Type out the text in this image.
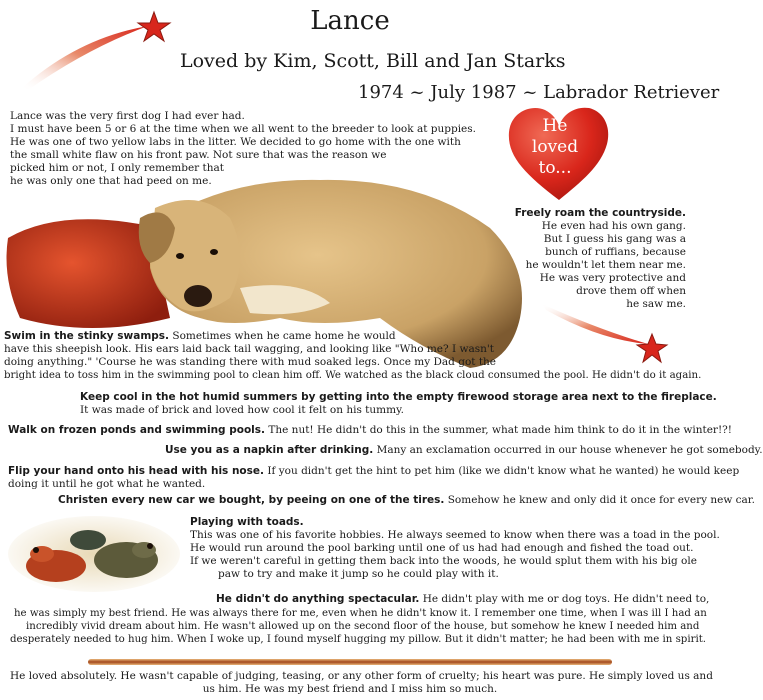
Lance
Loved by Kim, Scott, Bill and Jan Starks
1974 ~ July 1987 ~ Labrador Retriever
He
loved
to...
Lance was the very first dog I had ever had.
I must have been 5 or 6 at the time when we all went to the breeder to look at puppies.
He was one of two yellow labs in the litter. We decided to go home with the one with
the small white flaw on his front paw. Not sure that was the reason we
picked him or not, I only remember that
he was only one that had peed on me.
Freely roam the countryside.
He even had his own gang.
But I guess his gang was a
bunch of ruffians, because
he wouldn't let them near me.
He was very protective and
drove them off when
he saw me.
Swim in the stinky swamps. Sometimes when he came home he would
have this sheepish look. His ears laid back tail wagging, and looking like "Who me? I wasn't
doing anything." 'Course he was standing there with mud soaked legs. Once my Dad got the
bright idea to toss him in the swimming pool to clean him off. We watched as the black cloud consumed the pool. He didn't do it again.
Keep cool in the hot humid summers by getting into the empty firewood storage area next to the fireplace.
It was made of brick and loved how cool it felt on his tummy.
Walk on frozen ponds and swimming pools. The nut! He didn't do this in the summer, what made him think to do it in the winter!?!
Use you as a napkin after drinking. Many an exclamation occurred in our house whenever he got somebody.
Flip your hand onto his head with his nose. If you didn't get the hint to pet him (like we didn't know what he wanted) he would keep
doing it until he got what he wanted.
Christen every new car we bought, by peeing on one of the tires. Somehow he knew and only did it once for every new car.
Playing with toads.
This was one of his favorite hobbies. He always seemed to know when there was a toad in the pool.
He would run around the pool barking until one of us had had enough and fished the toad out.
If we weren't careful in getting them back into the woods, he would splut them with his big ole
paw to try and make it jump so he could play with it.
He didn't do anything spectacular. He didn't play with me or dog toys. He didn't need to,
he was simply my best friend. He was always there for me, even when he didn't know it. I remember one time, when I was ill I had an
incredibly vivid dream about him. He wasn't allowed up on the second floor of the house, but somehow he knew I needed him and
desperately needed to hug him. When I woke up, I found myself hugging my pillow. But it didn't matter; he had been with me in spirit.
He loved absolutely. He wasn't capable of judging, teasing, or any other form of cruelty; his heart was pure. He simply loved us and
us him. He was my best friend and I miss him so much.
